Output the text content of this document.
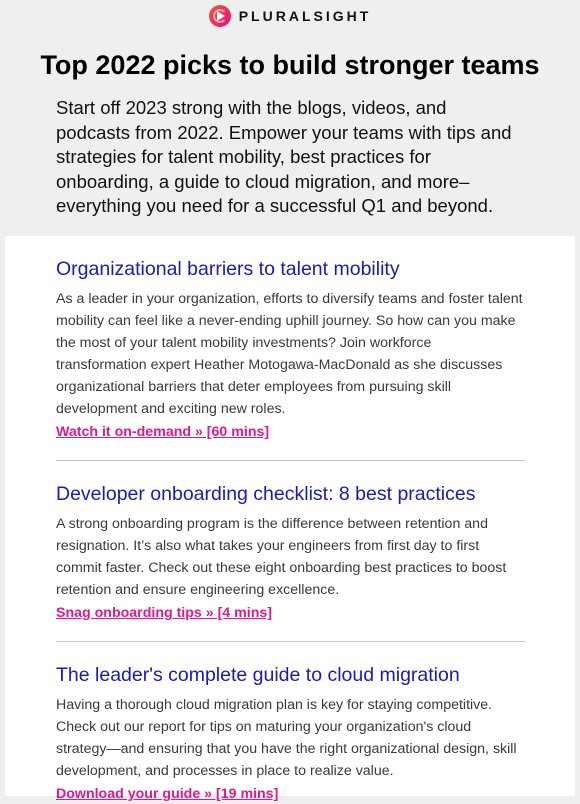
PLURALSIGHT
Top 2022 picks to build stronger teams

Start off 2023 strong with the blogs, videos, and podcasts from 2022. Empower your teams with tips and strategies for talent mobility, best practices for onboarding, a guide to cloud migration, and more–everything you need for a successful Q1 and beyond.

Organizational barriers to talent mobility

As a leader in your organization, efforts to diversify teams and foster talent mobility can feel like a never-ending uphill journey. So how can you make the most of your talent mobility investments? Join workforce transformation expert Heather Motogawa-MacDonald as she discusses organizational barriers that deter employees from pursuing skill development and exciting new roles.

Watch it on-demand » [60 mins]
Developer onboarding checklist: 8 best practices

A strong onboarding program is the difference between retention and resignation. It’s also what takes your engineers from first day to first commit faster. Check out these eight onboarding best practices to boost retention and ensure engineering excellence.

Snag onboarding tips » [4 mins]
The leader's complete guide to cloud migration

Having a thorough cloud migration plan is key for staying competitive. Check out our report for tips on maturing your organization's cloud strategy—and ensuring that you have the right organizational design, skill development, and processes in place to realize value.

Download your guide » [19 mins]
